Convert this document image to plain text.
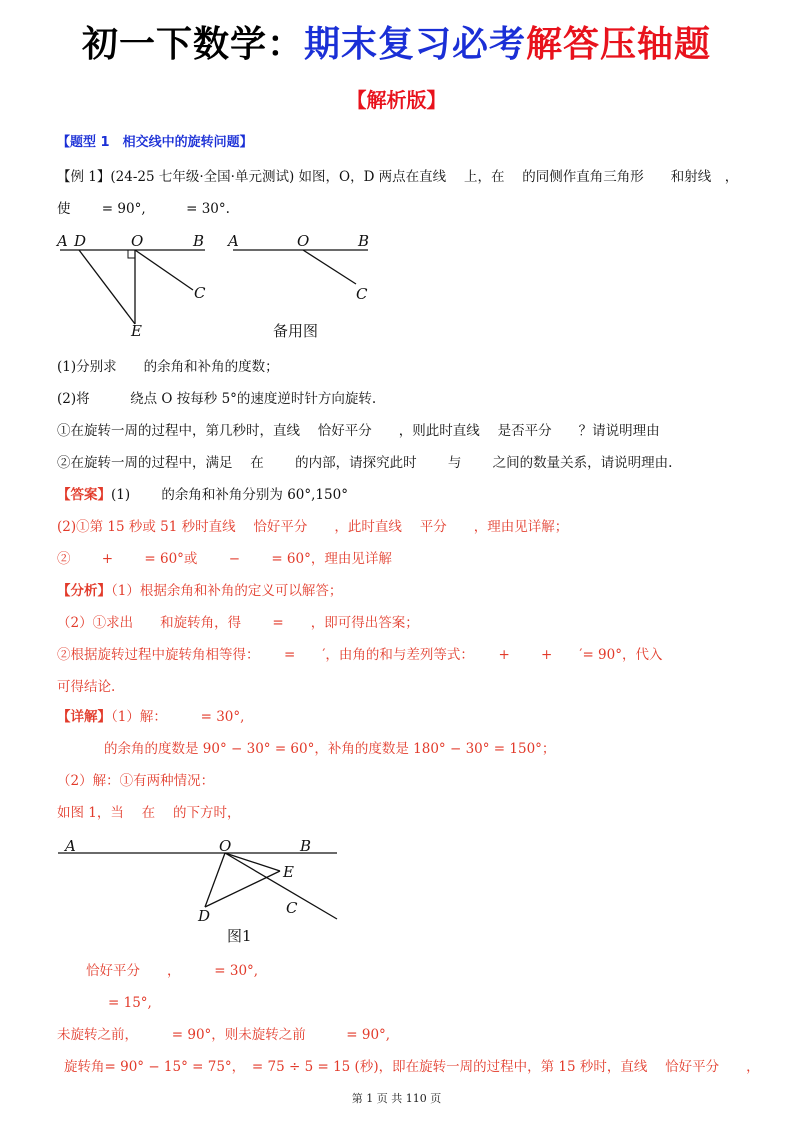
初一下数学：期末复习必考解答压轴题
【解析版】
【题型 1　相交线中的旋转问题】
【例 1】(24-25 七年级·全国·单元测试) 如图，O，D 两点在直线　 上，在　 的同侧作直角三角形　　和射线　，
使　　 = 90°,　　　= 30°.
A D	O	B
C
E
A	O	B
C
备用图
(1)分别求　　的余角和补角的度数；
(2)将　　　绕点 O 按每秒 5°的速度逆时针方向旋转.
①在旋转一周的过程中，第几秒时，直线　 恰好平分　　，则此时直线　 是否平分　　？请说明理由
②在旋转一周的过程中，满足　 在　　 的内部，请探究此时　　 与　　 之间的数量关系，请说明理由.
【答案】(1)　　 的余角和补角分别为 60°,150°
(2)①第 15 秒或 51 秒时直线　 恰好平分　　，此时直线　 平分　　，理由见详解；
②　　 +　　 = 60°或　　 −　　 = 60°，理由见详解
【分析】（1）根据余角和补角的定义可以解答；
（2）①求出　　和旋转角，得　　 =　　，即可得出答案；
②根据旋转过程中旋转角相等得：　　 =　　′，由角的和与差列等式：　　 +　　 +　　′= 90°，代入
可得结论.
【详解】（1）解：　　　= 30°,
的余角的度数是 90° − 30° = 60°，补角的度数是 180° − 30° = 150°；
（2）解：①有两种情况：
如图 1，当　 在　 的下方时，
A	O	B
E
C
D
图1
恰好平分　　，　　　= 30°,
= 15°,
未旋转之前，　　　= 90°，则未旋转之前　　　= 90°,
旋转角= 90° − 15° = 75°，　= 75 ÷ 5 = 15 (秒)，即在旋转一周的过程中，第 15 秒时，直线　 恰好平分　　，
第 1 页 共 110 页
